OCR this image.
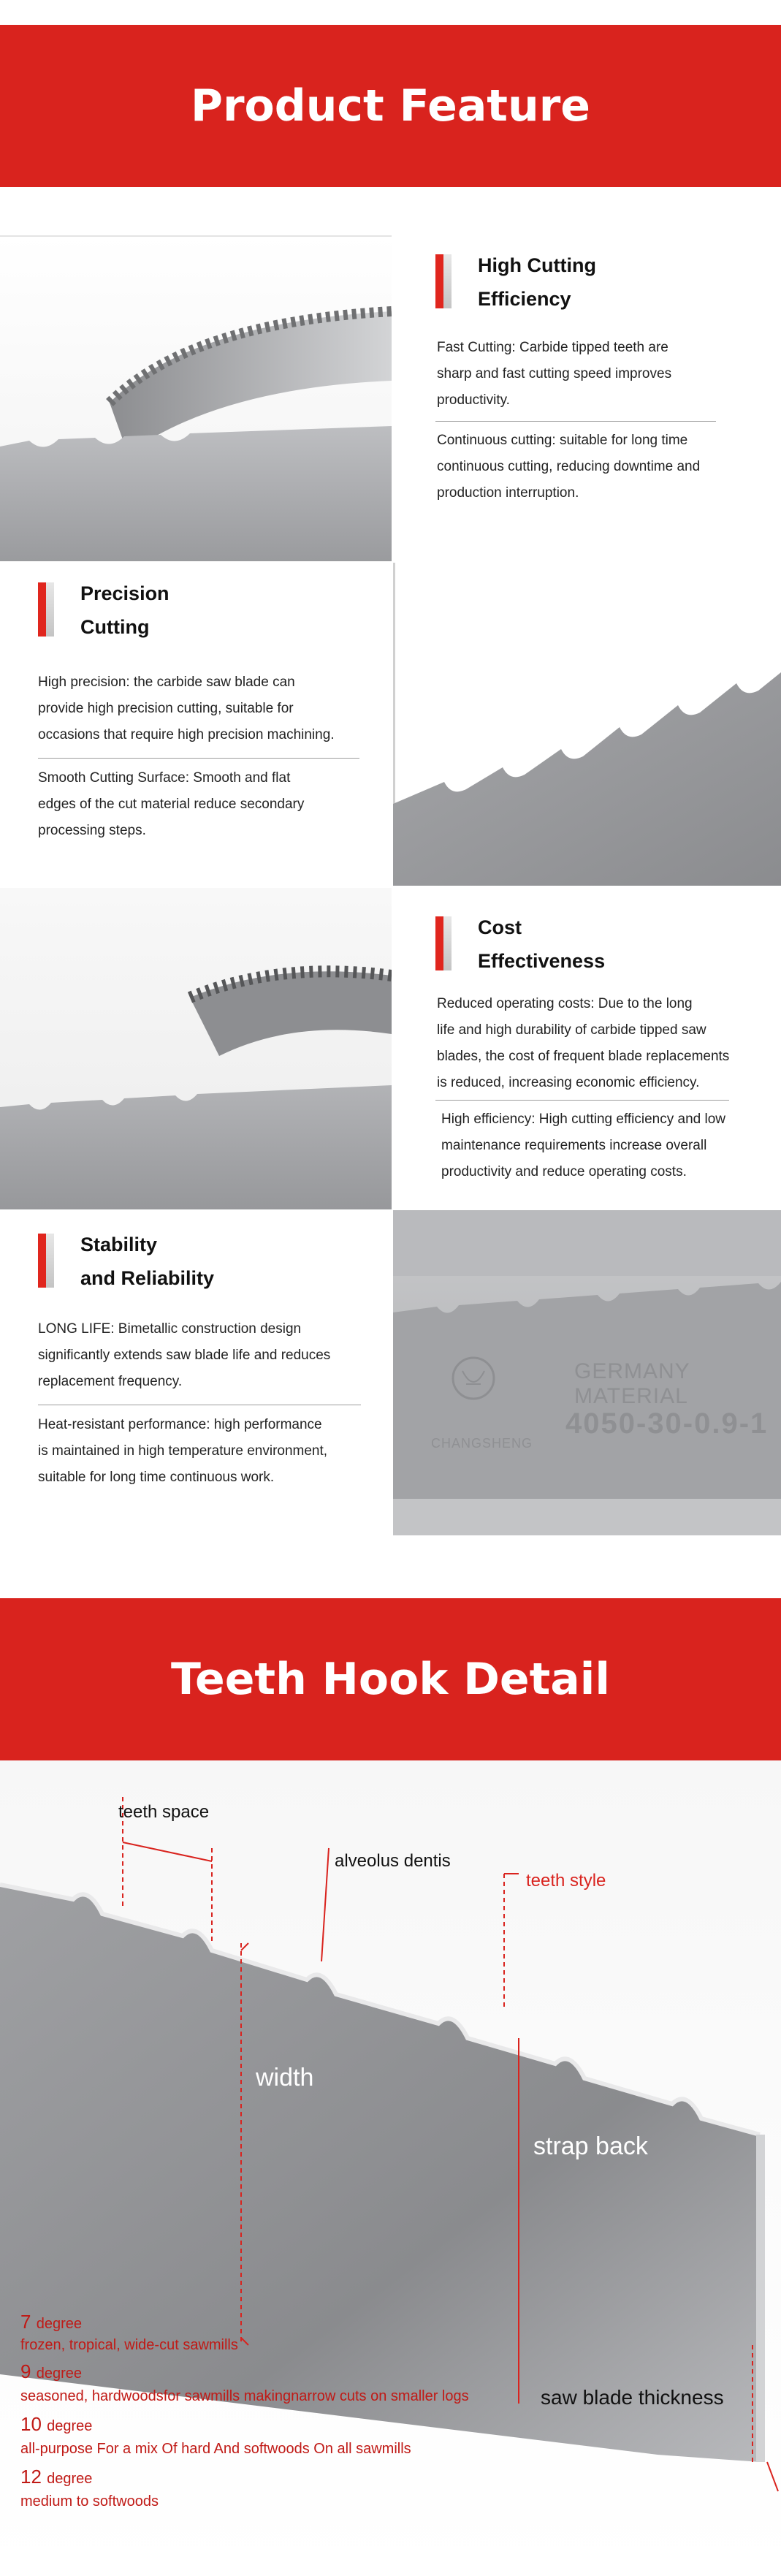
Product Feature
High Cutting
Efficiency
Fast Cutting: Carbide tipped teeth are
sharp and fast cutting speed improves
productivity.
Continuous cutting: suitable for long time
continuous cutting, reducing downtime and
production interruption.
Precision
Cutting
High precision: the carbide saw blade can
provide high precision cutting, suitable for
occasions that require high precision machining.
Smooth Cutting Surface: Smooth and flat
edges of the cut material reduce secondary
processing steps.
Cost
Effectiveness
Reduced operating costs: Due to the long
life and high durability of carbide tipped saw
blades, the cost of frequent blade replacements
is reduced, increasing economic efficiency.
High efficiency: High cutting efficiency and low
maintenance requirements increase overall
productivity and reduce operating costs.
Stability
and Reliability
LONG LIFE: Bimetallic construction design
significantly extends saw blade life and reduces
replacement frequency.
Heat-resistant performance: high performance
is maintained in high temperature environment,
suitable for long time continuous work.
CHANGSHENG
GERMANY MATERIAL
4050-30-0.9-1
Teeth Hook Detail
teeth space
alveolus dentis
teeth style
width
strap back
saw blade thickness
7 degree
frozen, tropical, wide-cut sawmills
9 degree
seasoned, hardwoodsfor sawmills makingnarrow cuts on smaller logs
10 degree
all-purpose For a mix Of hard And softwoods On all sawmills
12 degree
medium to softwoods
